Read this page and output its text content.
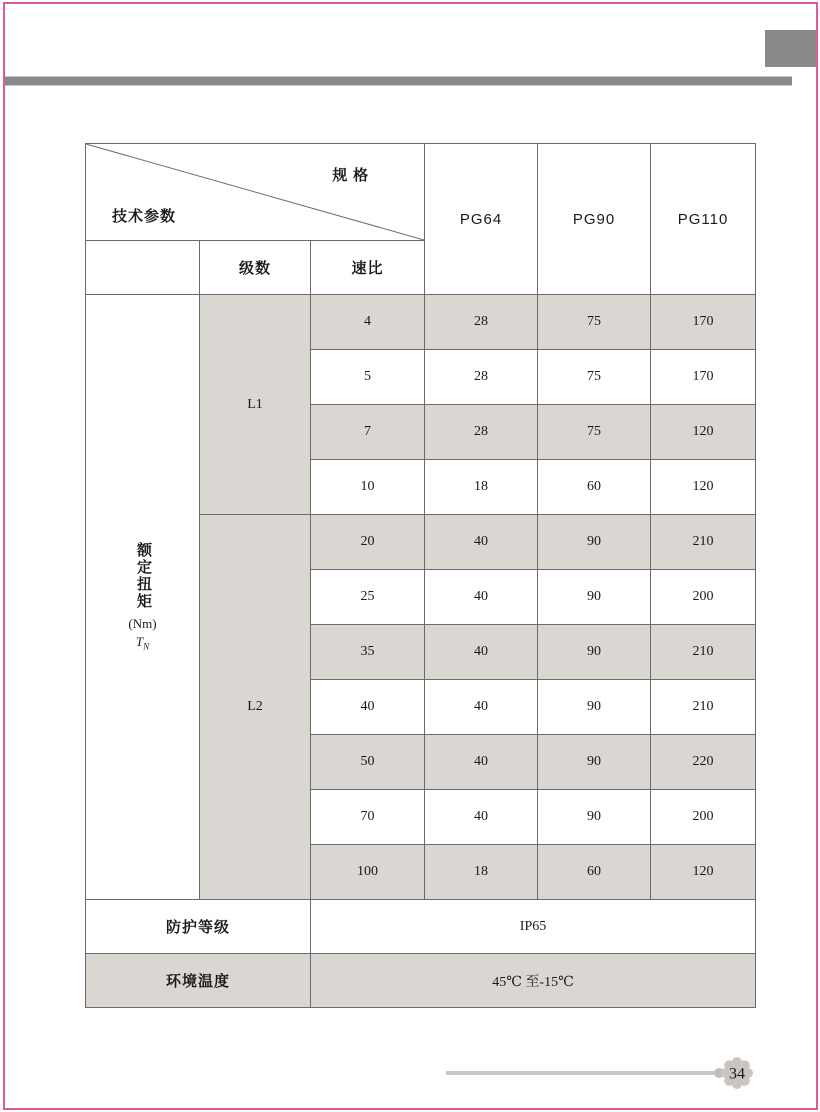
规 格
技术参数			PG64	PG90	PG110
	级数	速比			

额定扭矩
(Nm)
$T_N$	L1	4	28	75	170
		5	28	75	170
		7	28	75	120
		10	18	60	120
	L2	20	40	90	210
		25	40	90	200
		35	40	90	210
		40	40	90	210
		50	40	90	220
		70	40	90	200
		100	18	60	120
防护等级		IP65			
环境温度		45℃ 至-15℃			
34
